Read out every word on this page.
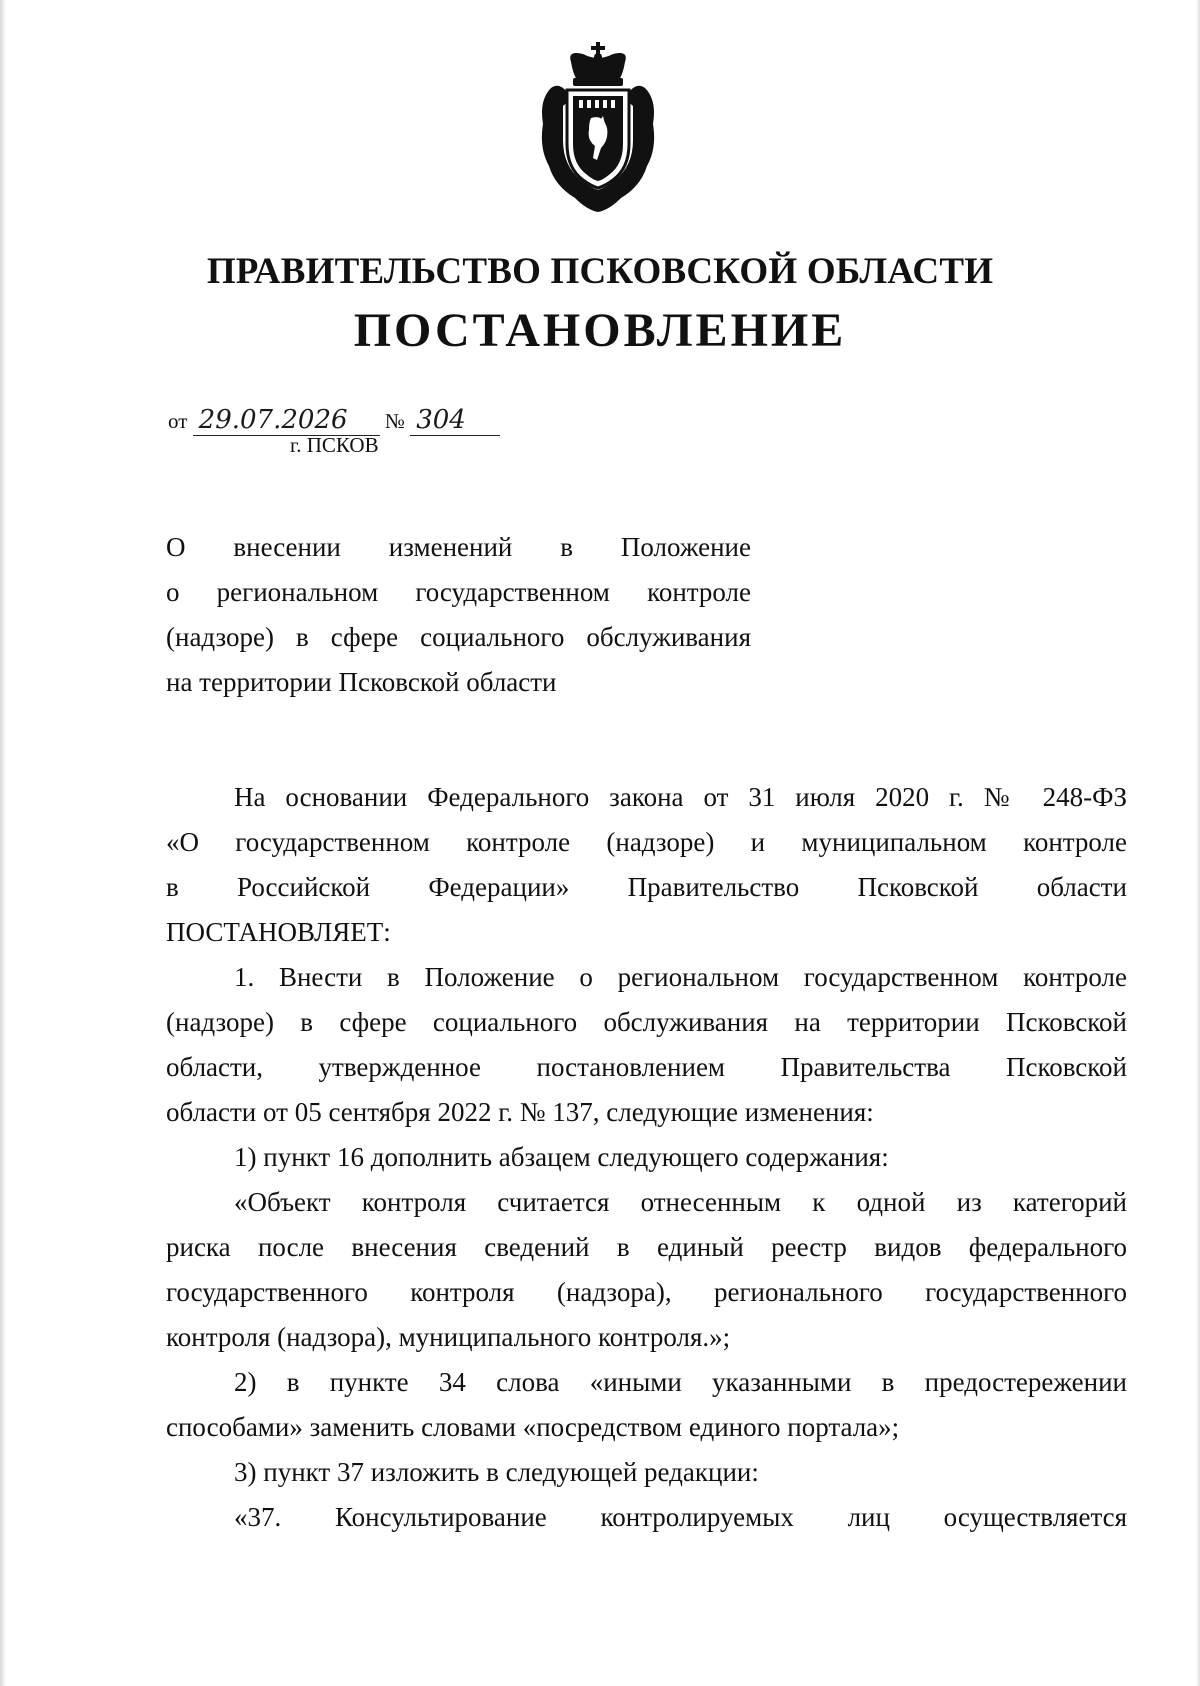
ПРАВИТЕЛЬСТВО ПСКОВСКОЙ ОБЛАСТИ
ПОСТАНОВЛЕНИЕ
от 29.07.2026 № 304
г. ПСКОВ
О внесении изменений в Положение
о региональном государственном контроле
(надзоре) в сфере социального обслуживания
на территории Псковской области
На основании Федерального закона от 31 июля 2020 г. № 248-ФЗ
«О государственном контроле (надзоре) и муниципальном контроле
в Российской Федерации» Правительство Псковской области
ПОСТАНОВЛЯЕТ:
1. Внести в Положение о региональном государственном контроле
(надзоре) в сфере социального обслуживания на территории Псковской
области, утвержденное постановлением Правительства Псковской
области от 05 сентября 2022 г. № 137, следующие изменения:
1) пункт 16 дополнить абзацем следующего содержания:
«Объект контроля считается отнесенным к одной из категорий
риска после внесения сведений в единый реестр видов федерального
государственного контроля (надзора), регионального государственного
контроля (надзора), муниципального контроля.»;
2) в пункте 34 слова «иными указанными в предостережении
способами» заменить словами «посредством единого портала»;
3) пункт 37 изложить в следующей редакции:
«37. Консультирование контролируемых лиц осуществляется
